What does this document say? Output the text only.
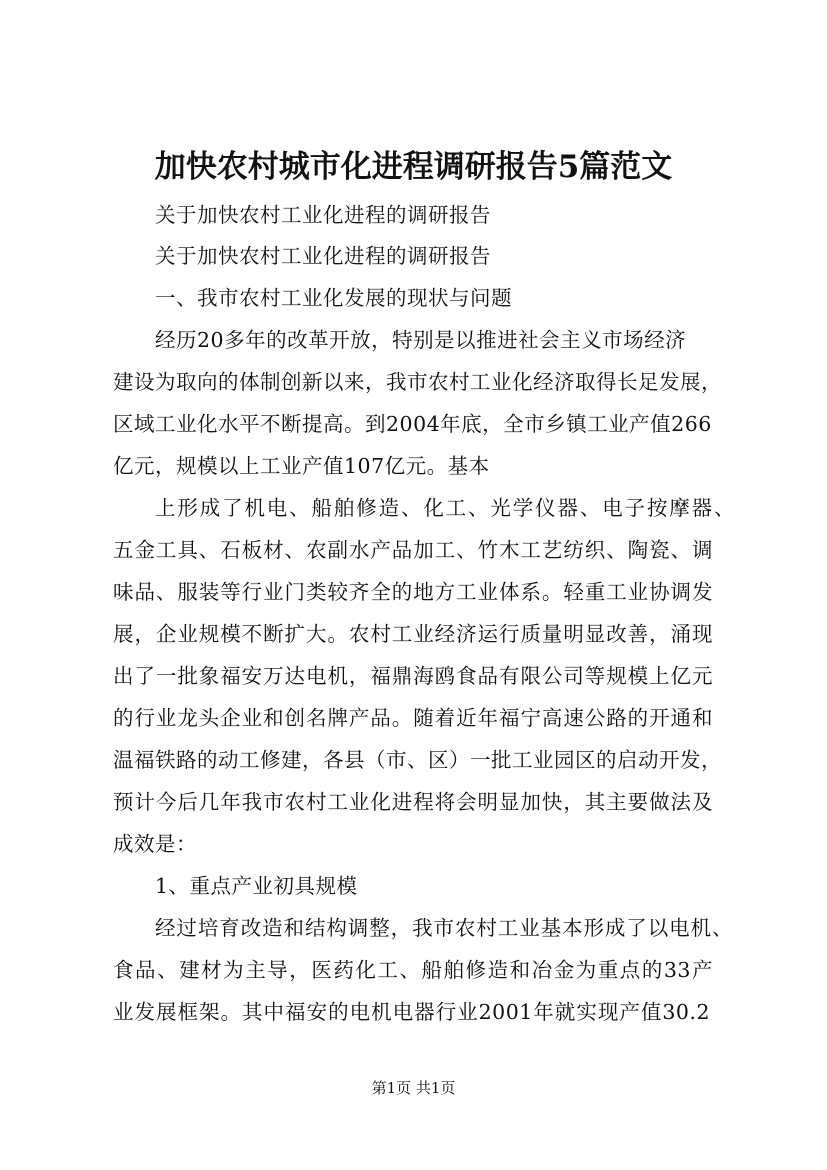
加快农村城市化进程调研报告5篇范文
关于加快农村工业化进程的调研报告
关于加快农村工业化进程的调研报告
一、我市农村工业化发展的现状与问题
经历20多年的改革开放，特别是以推进社会主义市场经济
建设为取向的体制创新以来，我市农村工业化经济取得长足发展，
区域工业化水平不断提高。到2004年底，全市乡镇工业产值266
亿元，规模以上工业产值107亿元。基本
上形成了机电、船舶修造、化工、光学仪器、电子按摩器、
五金工具、石板材、农副水产品加工、竹木工艺纺织、陶瓷、调
味品、服装等行业门类较齐全的地方工业体系。轻重工业协调发
展，企业规模不断扩大。农村工业经济运行质量明显改善，涌现
出了一批象福安万达电机，福鼎海鸥食品有限公司等规模上亿元
的行业龙头企业和创名牌产品。随着近年福宁高速公路的开通和
温福铁路的动工修建，各县（市、区）一批工业园区的启动开发，
预计今后几年我市农村工业化进程将会明显加快，其主要做法及
成效是：
1、重点产业初具规模
经过培育改造和结构调整，我市农村工业基本形成了以电机、
食品、建材为主导，医药化工、船舶修造和冶金为重点的33产
业发展框架。其中福安的电机电器行业2001年就实现产值30.2
第1页 共1页
